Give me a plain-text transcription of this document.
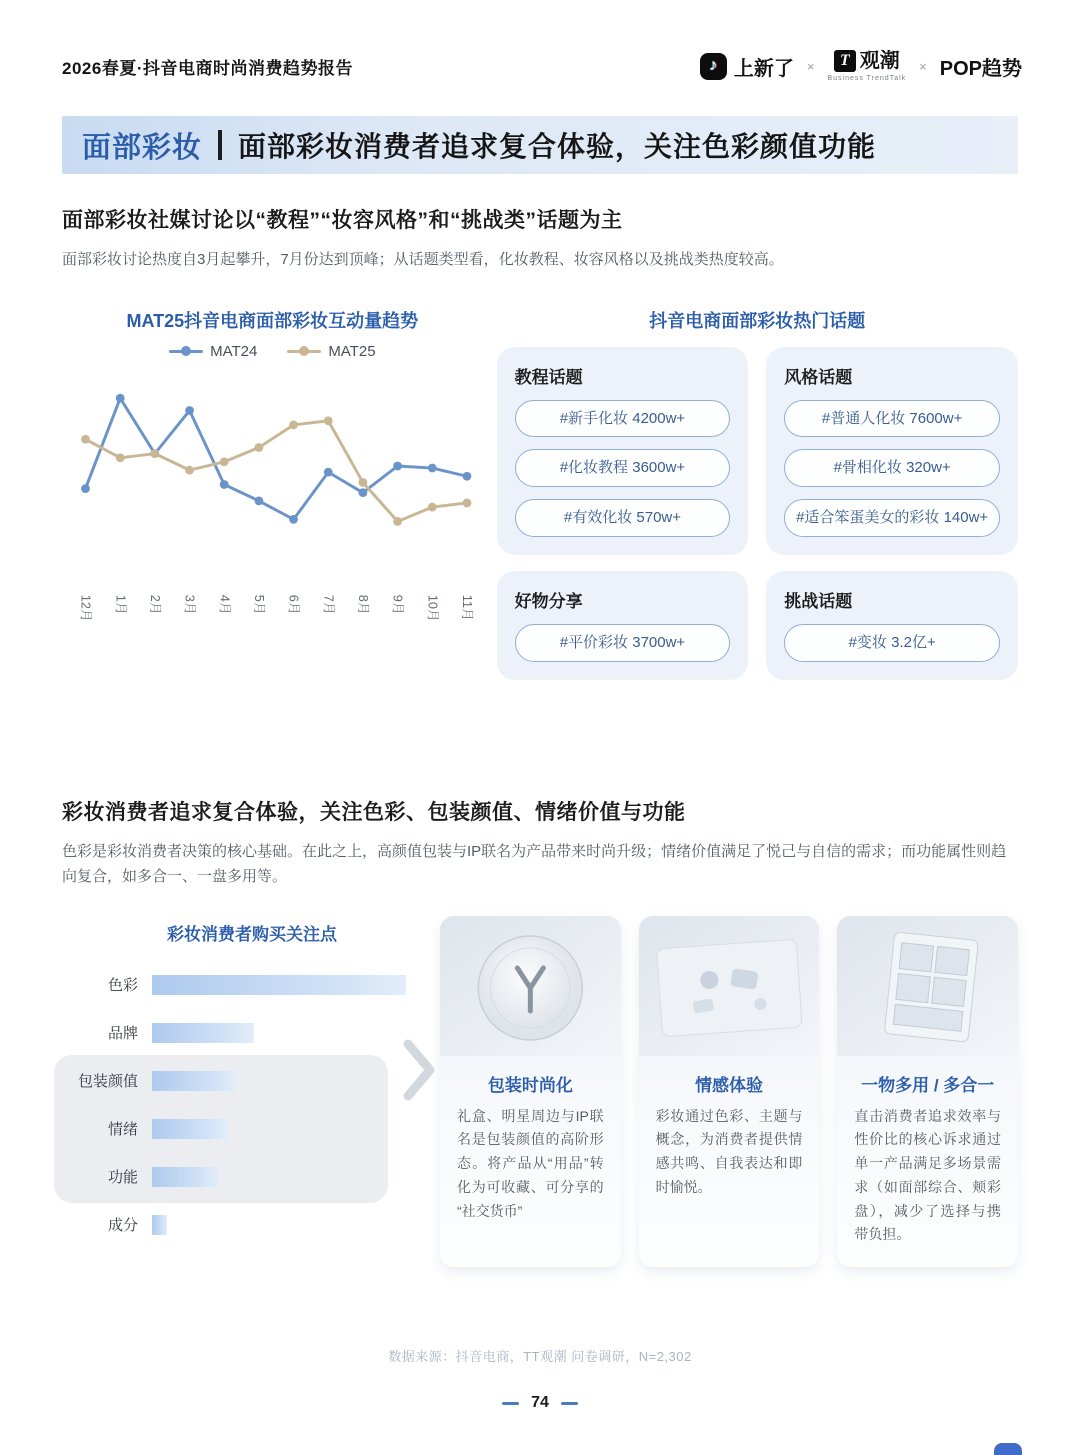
2026春夏·抖音电商时尚消费趋势报告	♪ 上新了 ×	T 观潮
Business TrendTalk
× POP趋势
面部彩妆 面部彩妆消费者追求复合体验，关注色彩颜值功能
面部彩妆社媒讨论以“教程”“妆容风格”和“挑战类”话题为主

面部彩妆讨论热度自3月起攀升，7月份达到顶峰；从话题类型看，化妆教程、妆容风格以及挑战类热度较高。

MAT25抖音电商面部彩妆互动量趋势
MAT24	MAT25
12月 1月 2月 3月 4月 5月 6月 7月 8月 9月 10月 11月
抖音电商面部彩妆热门话题
教程话题
#新手化妆 4200w+
#化妆教程 3600w+
#有效化妆 570w+
风格话题
#普通人化妆 7600w+
#骨相化妆 320w+
#适合笨蛋美女的彩妆 140w+
好物分享
#平价彩妆 3700w+
挑战话题
#变妆 3.2亿+
彩妆消费者追求复合体验，关注色彩、包装颜值、情绪价值与功能

色彩是彩妆消费者决策的核心基础。在此之上，高颜值包装与IP联名为产品带来时尚升级；情绪价值满足了悦己与自信的需求；而功能属性则趋向复合，如多合一、一盘多用等。

彩妆消费者购买关注点
色彩
品牌
包装颜值
情绪
功能
成分
包装时尚化
礼盒、明星周边与IP联名是包装颜值的高阶形态。将产品从“用品”转化为可收藏、可分享的“社交货币”
情感体验
彩妆通过色彩、主题与概念，为消费者提供情感共鸣、自我表达和即时愉悦。
一物多用 / 多合一
直击消费者追求效率与性价比的核心诉求通过单一产品满足多场景需求（如面部综合、颊彩盘），减少了选择与携带负担。
数据来源：抖音电商，TT观潮 问卷调研，N=2,302
74
